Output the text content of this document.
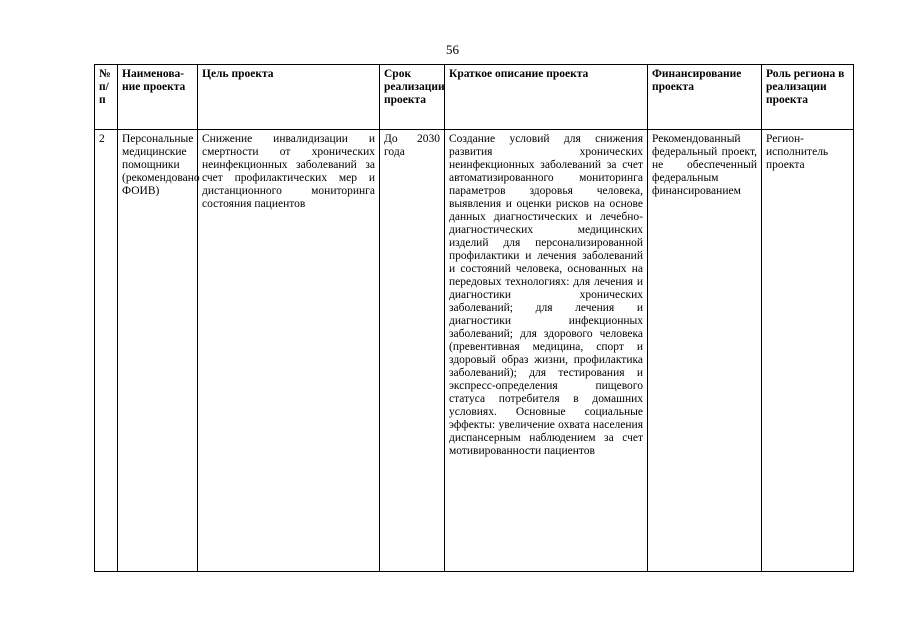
56
№ п/п	Наименова-ние проекта	Цель проекта	Срок реализации проекта	Краткое описание проекта	Финансирование проекта	Роль региона в реализации проекта
2	Персональные медицинские помощники (рекомендовано ФОИВ)	Снижение инвалидизации и смертности от хронических неинфекционных заболеваний за счет профилактических мер и дистанционного мониторинга состояния пациентов	До 2030 года	Создание условий для снижения развития хронических неинфекционных заболеваний за счет автоматизированного мониторинга параметров здоровья человека, выявления и оценки рисков на основе данных диагностических и лечебно-диагностических медицинских изделий для персонализированной профилактики и лечения заболеваний и состояний человека, основанных на передовых технологиях: для лечения и диагностики хронических заболеваний; для лечения и диагностики инфекционных заболеваний; для здорового человека (превентивная медицина, спорт и здоровый образ жизни, профилактика заболеваний); для тестирования и экспресс-определения пищевого статуса потребителя в домашних условиях. Основные социальные эффекты: увеличение охвата населения диспансерным наблюдением за счет мотивированности пациентов	Рекомендованный федеральный проект, не обеспеченный федеральным финансированием	Регион-исполнитель проекта
